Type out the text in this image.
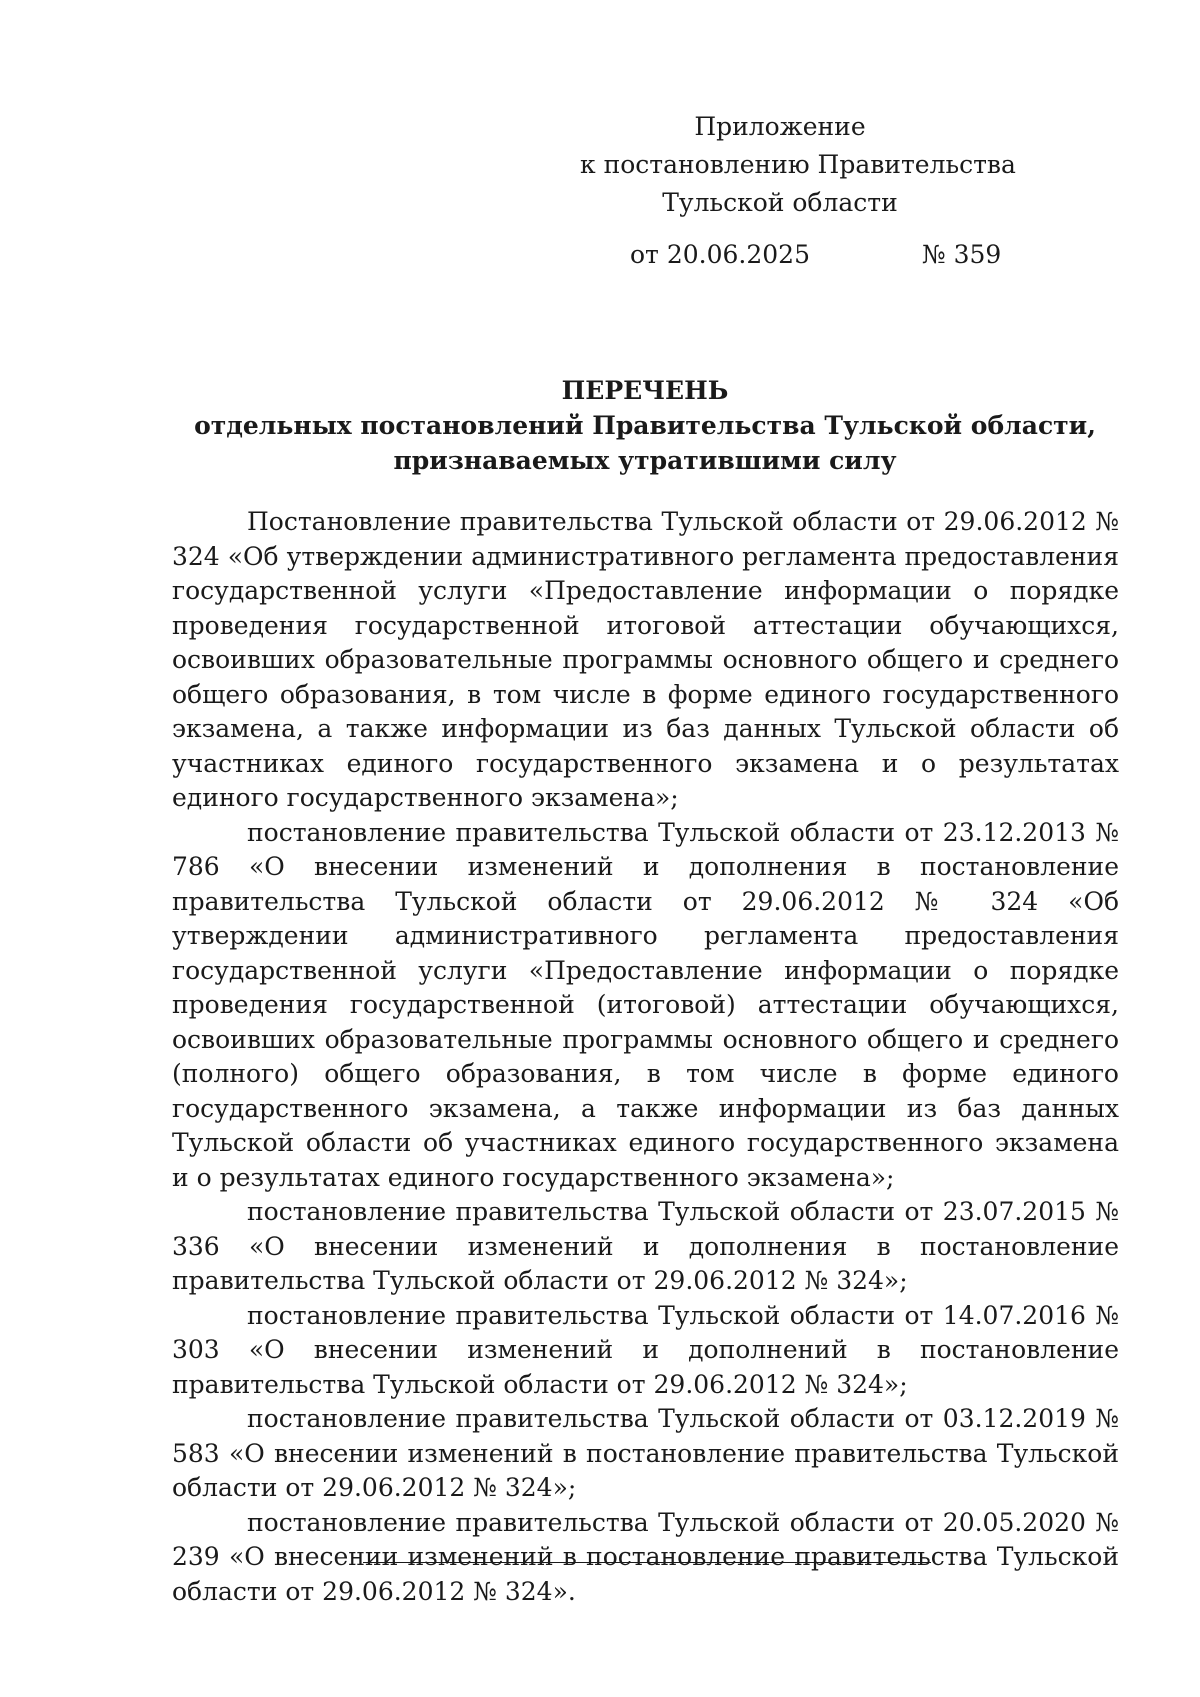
Приложение
к постановлению Правительства
Тульской области
от 20.06.2025	№ 359
ПЕРЕЧЕНЬ
отдельных постановлений Правительства Тульской области,
признаваемых утратившими силу

Постановление правительства Тульской области от 29.06.2012 № 324 «Об утверждении административного регламента предоставления государственной услуги «Предоставление информации о порядке проведения государственной итоговой аттестации обучающихся, освоивших образовательные программы основного общего и среднего общего образования, в том числе в форме единого государственного экзамена, а также информации из баз данных Тульской области об участниках единого государственного экзамена и о результатах единого государственного экзамена»;

постановление правительства Тульской области от 23.12.2013 № 786 «О внесении изменений и дополнения в постановление правительства Тульской области от 29.06.2012 № 324 «Об утверждении административного регламента предоставления государственной услуги «Предоставление информации о порядке проведения государственной (итоговой) аттестации обучающихся, освоивших образовательные программы основного общего и среднего (полного) общего образования, в том числе в форме единого государственного экзамена, а также информации из баз данных Тульской области об участниках единого государственного экзамена и о результатах единого государственного экзамена»;

постановление правительства Тульской области от 23.07.2015 № 336 «О внесении изменений и дополнения в постановление правительства Тульской области от 29.06.2012 № 324»;

постановление правительства Тульской области от 14.07.2016 № 303 «О внесении изменений и дополнений в постановление правительства Тульской области от 29.06.2012 № 324»;

постановление правительства Тульской области от 03.12.2019 № 583 «О внесении изменений в постановление правительства Тульской области от 29.06.2012 № 324»;

постановление правительства Тульской области от 20.05.2020 № 239 «О внесении изменений в постановление правительства Тульской области от 29.06.2012 № 324».
